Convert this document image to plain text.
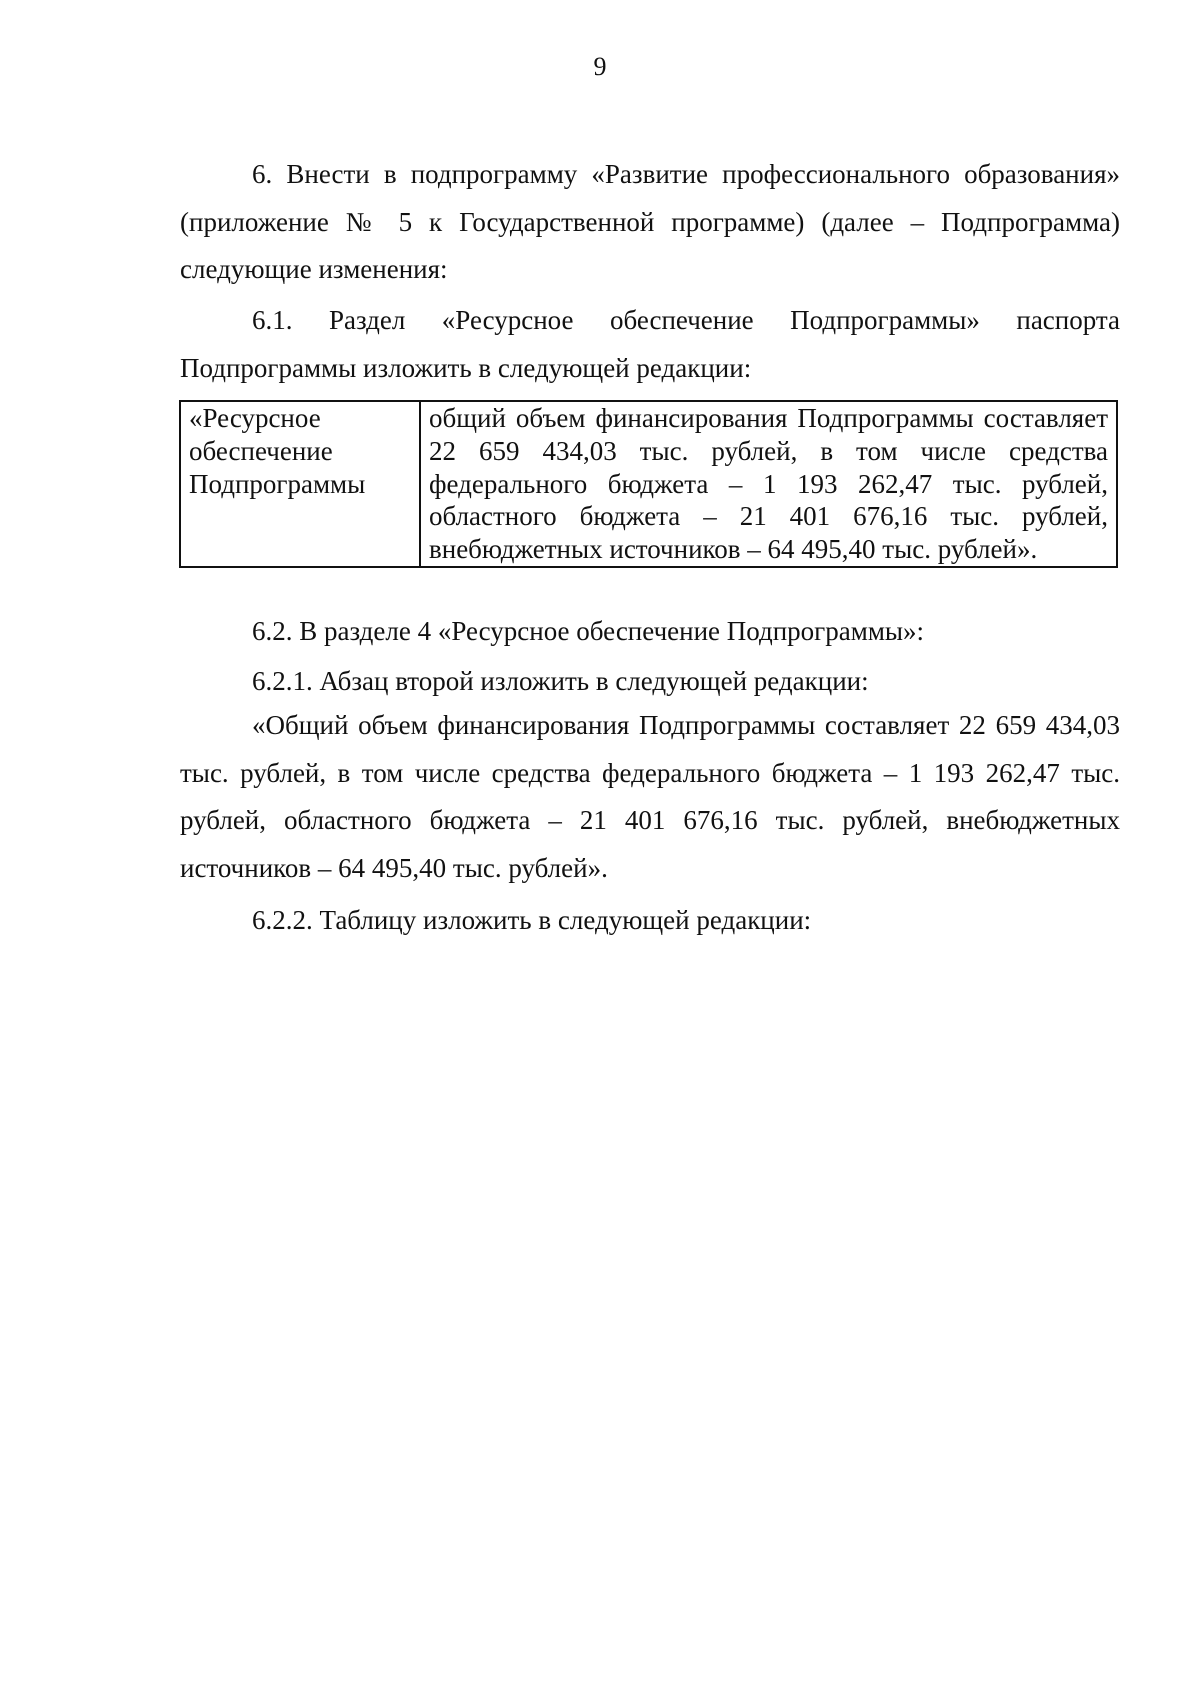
9

6. Внести в подпрограмму «Развитие профессионального образования» (приложение № 5 к Государственной программе) (далее – Подпрограмма) следующие изменения:

6.1. Раздел «Ресурсное обеспечение Подпрограммы» паспорта Подпрограммы изложить в следующей редакции:

«Ресурсное обеспечение Подпрограммы	общий объем финансирования Подпрограммы составляет 22 659 434,03 тыс. рублей, в том числе средства федерального бюджета – 1 193 262,47 тыс. рублей, областного бюджета – 21 401 676,16 тыс. рублей, внебюджетных источников – 64 495,40 тыс. рублей».

6.2. В разделе 4 «Ресурсное обеспечение Подпрограммы»:

6.2.1. Абзац второй изложить в следующей редакции:

«Общий объем финансирования Подпрограммы составляет 22 659 434,03 тыс. рублей, в том числе средства федерального бюджета – 1 193 262,47 тыс. рублей, областного бюджета – 21 401 676,16 тыс. рублей, внебюджетных источников – 64 495,40 тыс. рублей».

6.2.2. Таблицу изложить в следующей редакции:
